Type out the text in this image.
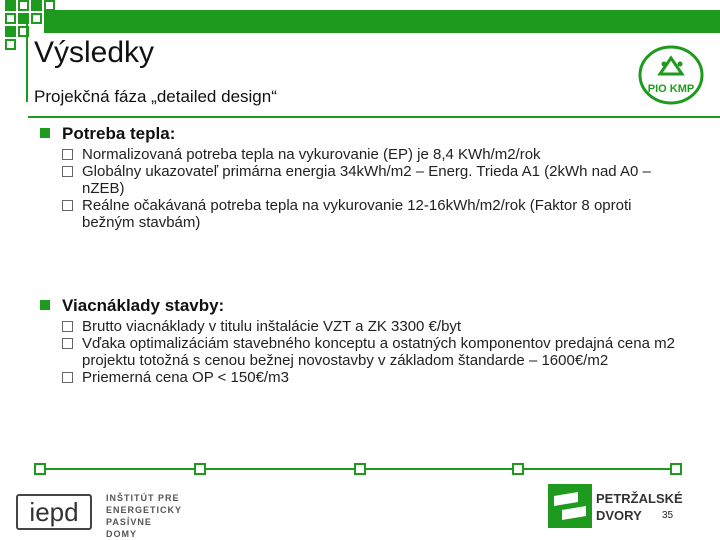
Výsledky
Projekčná fáza „detailed design“	PIO KMP
Potreba tepla:
Normalizovaná potreba tepla na vykurovanie (EP) je 8,4 KWh/m2/rok
Globálny ukazovateľ primárna energia 34kWh/m2 – Energ. Trieda A1 (2kWh nad A0 – nZEB)
Reálne očakávaná potreba tepla na vykurovanie 12-16kWh/m2/rok (Faktor 8 oproti bežným stavbám)
Viacnáklady stavby:
Brutto viacnáklady v titulu inštalácie VZT a ZK 3300 €/byt
Vďaka optimalizáciám stavebného konceptu a ostatných komponentov predajná cena m2 projektu totožná s cenou bežnej novostavby v základom štandarde – 1600€/m2
Priemerná cena OP < 150€/m3
iepd	INŠTITÚT PRE
ENERGETICKY
PASÍVNE DOMY
PETRŽALSKÉ
DVORY	35
